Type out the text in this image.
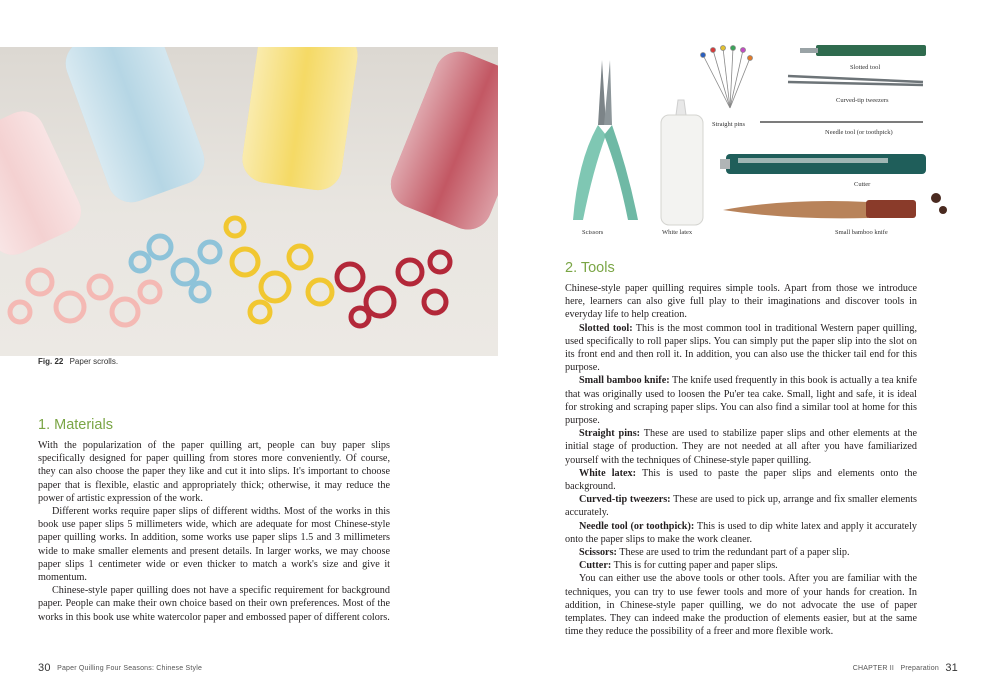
Fig. 22 Paper scrolls.
1. Materials

With the popularization of the paper quilling art, people can buy paper slips specifically designed for paper quilling from stores more conveniently. Of course, they can also choose the paper they like and cut it into slips. It's important to choose paper that is flexible, elastic and appropriately thick; otherwise, it may reduce the power of artistic expression of the work.

Different works require paper slips of different widths. Most of the works in this book use paper slips 5 millimeters wide, which are adequate for most Chinese-style paper quilling works. In addition, some works use paper slips 1.5 and 3 millimeters wide to make smaller elements and present details. In larger works, we may choose paper slips 1 centimeter wide or even thicker to match a work's size and give it momentum.

Chinese-style paper quilling does not have a specific requirement for background paper. People can make their own choice based on their own preferences. Most of the works in this book use white watercolor paper and embossed paper of different colors.

30 Paper Quilling Four Seasons: Chinese Style
Slotted tool
Curved-tip tweezers
Straight pins
Needle tool (or toothpick)
Cutter
Scissors	White latex	Small bamboo knife
2. Tools

Chinese-style paper quilling requires simple tools. Apart from those we introduce here, learners can also give full play to their imaginations and discover tools in everyday life to help creation.

Slotted tool: This is the most common tool in traditional Western paper quilling, used specifically to roll paper slips. You can simply put the paper slip into the slot on its front end and then roll it. In addition, you can also use the thicker tail end for this purpose.

Small bamboo knife: The knife used frequently in this book is actually a tea knife that was originally used to loosen the Pu'er tea cake. Small, light and safe, it is ideal for stroking and scraping paper slips. You can also find a similar tool at home for this purpose.

Straight pins: These are used to stabilize paper slips and other elements at the initial stage of production. They are not needed at all after you have familiarized yourself with the techniques of Chinese-style paper quilling.

White latex: This is used to paste the paper slips and elements onto the background.

Curved-tip tweezers: These are used to pick up, arrange and fix smaller elements accurately.

Needle tool (or toothpick): This is used to dip white latex and apply it accurately onto the paper slips to make the work cleaner.

Scissors: These are used to trim the redundant part of a paper slip.

Cutter: This is for cutting paper and paper slips.

You can either use the above tools or other tools. After you are familiar with the techniques, you can try to use fewer tools and more of your hands for creation. In addition, in Chinese-style paper quilling, we do not advocate the use of paper templates. They can indeed make the production of elements easier, but at the same time they reduce the possibility of a freer and more flexible work.

CHAPTER II Preparation 31
